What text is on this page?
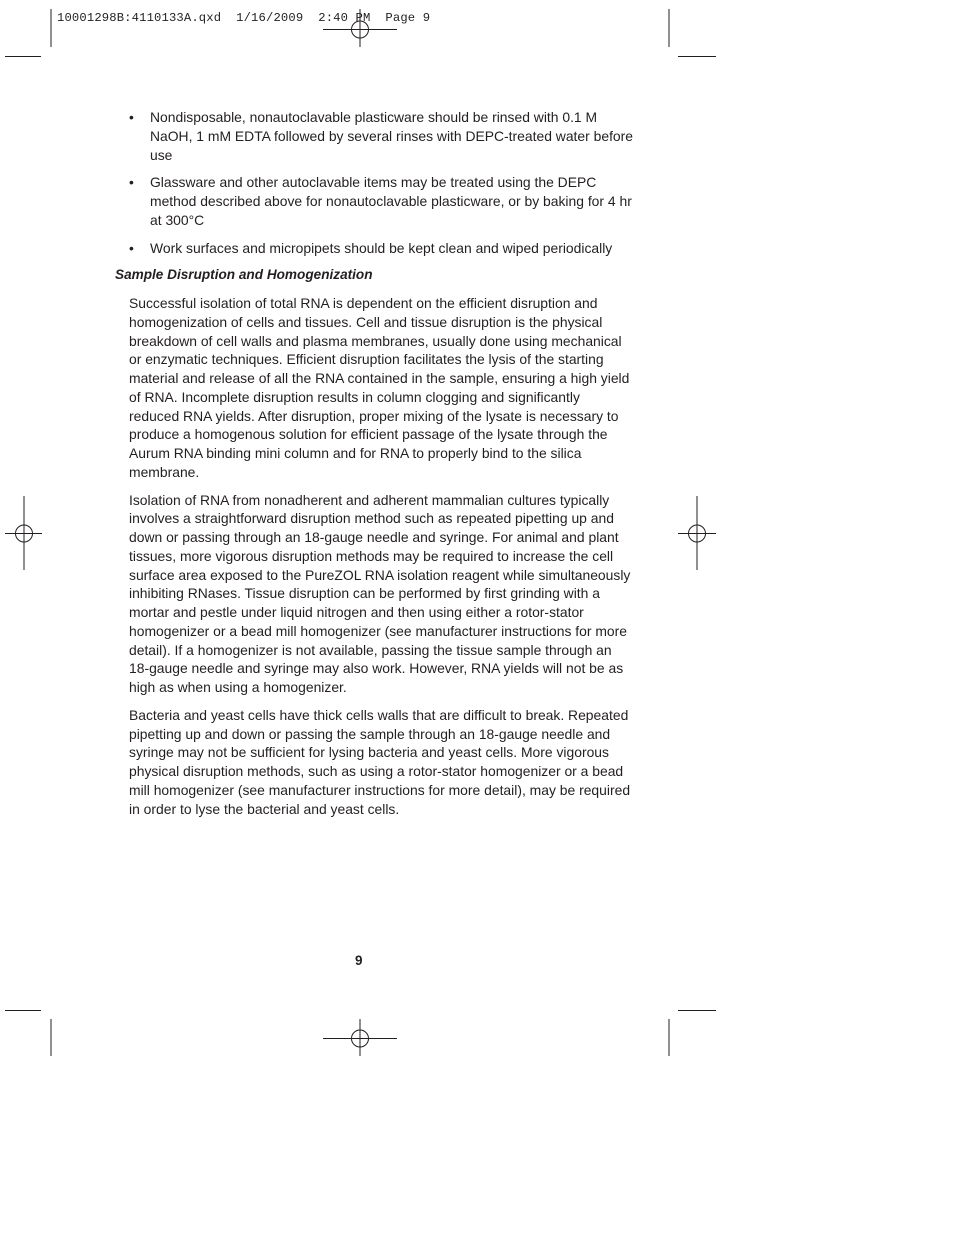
10001298B:4110133A.qxd  1/16/2009  2:40 PM  Page 9
• Nondisposable, nonautoclavable plasticware should be rinsed with 0.1 M NaOH, 1 mM EDTA followed by several rinses with DEPC-treated water before use
• Glassware and other autoclavable items may be treated using the DEPC method described above for nonautoclavable plasticware, or by baking for 4 hr at 300°C
• Work surfaces and micropipets should be kept clean and wiped periodically
Sample Disruption and Homogenization

Successful isolation of total RNA is dependent on the efficient disruption and homogenization of cells and tissues. Cell and tissue disruption is the physical breakdown of cell walls and plasma membranes, usually done using mechanical or enzymatic techniques. Efficient disruption facilitates the lysis of the starting material and release of all the RNA contained in the sample, ensuring a high yield of RNA. Incomplete disruption results in column clogging and significantly reduced RNA yields. After disruption, proper mixing of the lysate is necessary to produce a homogenous solution for efficient passage of the lysate through the Aurum RNA binding mini column and for RNA to properly bind to the silica membrane.

Isolation of RNA from nonadherent and adherent mammalian cultures typically involves a straightforward disruption method such as repeated pipetting up and down or passing through an 18-gauge needle and syringe. For animal and plant tissues, more vigorous disruption methods may be required to increase the cell surface area exposed to the PureZOL RNA isolation reagent while simultaneously inhibiting RNases. Tissue disruption can be performed by first grinding with a mortar and pestle under liquid nitrogen and then using either a rotor-stator homogenizer or a bead mill homogenizer (see manufacturer instructions for more detail). If a homogenizer is not available, passing the tissue sample through an 18-gauge needle and syringe may also work. However, RNA yields will not be as high as when using a homogenizer.

Bacteria and yeast cells have thick cells walls that are difficult to break. Repeated pipetting up and down or passing the sample through an 18-gauge needle and syringe may not be sufficient for lysing bacteria and yeast cells. More vigorous physical disruption methods, such as using a rotor-stator homogenizer or a bead mill homogenizer (see manufacturer instructions for more detail), may be required in order to lyse the bacterial and yeast cells.

9
